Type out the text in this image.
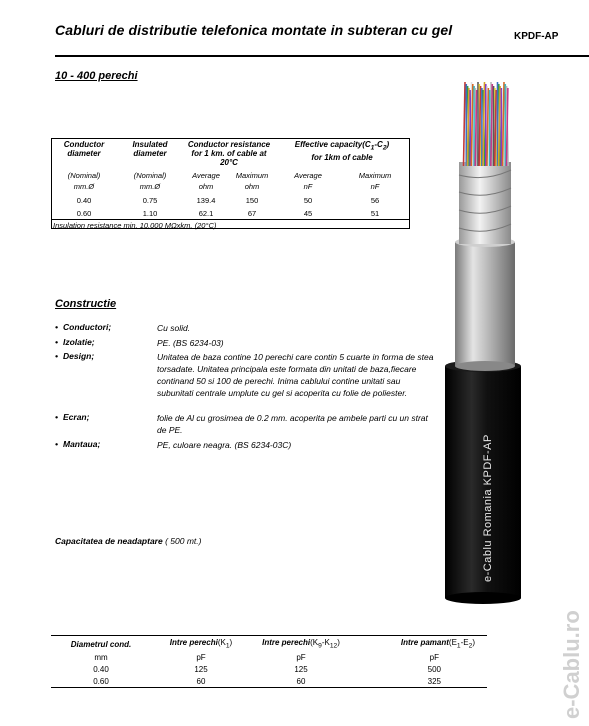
Cabluri de distributie telefonica montate in subteran cu gel	KPDF-AP
10 - 400 perechi
Conductor diameter	Insulated diameter	Conductor resistance for 1 km. of cable at 20°C		Effective $capacity(C_1-C_2)$
for 1km of cable	
(Nominal)	(Nominal)	Average	Maximum	Average	Maximum
mm.Ø	mm.Ø	ohm	ohm	nF	nF
0.40	0.75	139.4	150	50	56
0.60	1.10	62.1	67	45	51
Insulation resistance min. 10.000 MΩxkm. (20°C)					
Constructie
• Conductori;	Cu solid.
• Izolatie;	PE. (BS 6234-03)
• Design;	Unitatea de baza contine 10 perechi care contin 5 cuarte in forma de stea torsadate. Unitatea principala este formata din unitati de baza,fiecare continand 50 si 100 de perechi. Inima cablului contine unitati sau subunitati centrale umplute cu gel si acoperita cu folie de poliester.
• Ecran;	folie de Al cu grosimea de 0.2 mm. acoperita pe ambele parti cu un strat de PE.
• Mantaua;	PE, culoare neagra. (BS 6234-03C)
Capacitatea de neadaptare ( 500 mt.)
Diametrul cond.	Intre $perechi(K_1)$	Intre $perechi(K_9-K_{12})$	Intre $pamant(E_1-E_2)$
mm	pF	pF	pF
0.40	125	125	500
0.60	60	60	325
e-Cablu Romania KPDF-AP
e-Cablu.ro
